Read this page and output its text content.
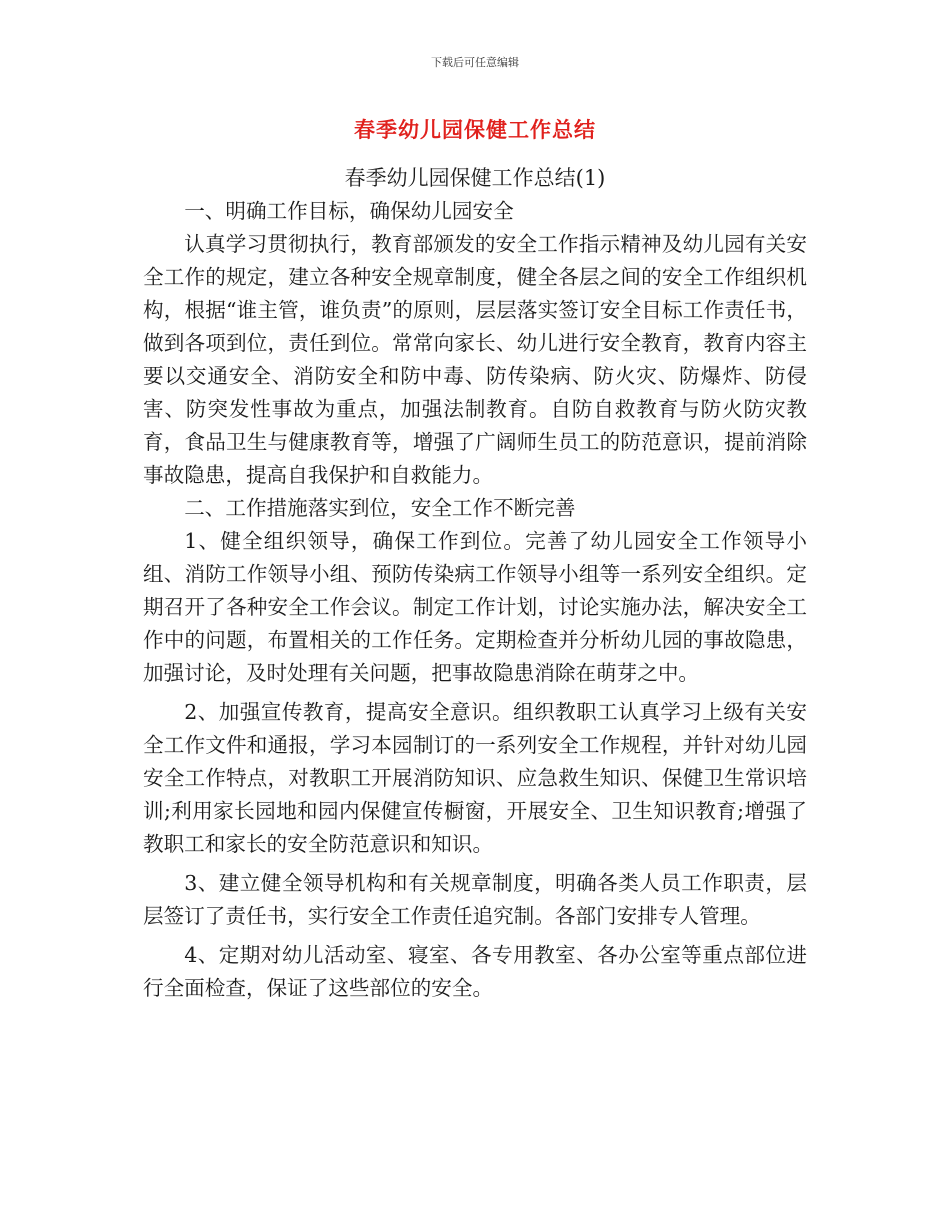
下载后可任意编辑
春季幼儿园保健工作总结
春季幼儿园保健工作总结(1)

一、明确工作目标，确保幼儿园安全

认真学习贯彻执行，教育部颁发的安全工作指示精神及幼儿园有关安全工作的规定，建立各种安全规章制度，健全各层之间的安全工作组织机构，根据“谁主管，谁负责”的原则，层层落实签订安全目标工作责任书，做到各项到位，责任到位。常常向家长、幼儿进行安全教育，教育内容主要以交通安全、消防安全和防中毒、防传染病、防火灾、防爆炸、防侵害、防突发性事故为重点，加强法制教育。自防自救教育与防火防灾教育，食品卫生与健康教育等，增强了广阔师生员工的防范意识，提前消除事故隐患，提高自我保护和自救能力。

二、工作措施落实到位，安全工作不断完善

1、健全组织领导，确保工作到位。完善了幼儿园安全工作领导小组、消防工作领导小组、预防传染病工作领导小组等一系列安全组织。定期召开了各种安全工作会议。制定工作计划，讨论实施办法，解决安全工作中的问题，布置相关的工作任务。定期检查并分析幼儿园的事故隐患，加强讨论，及时处理有关问题，把事故隐患消除在萌芽之中。

2、加强宣传教育，提高安全意识。组织教职工认真学习上级有关安全工作文件和通报，学习本园制订的一系列安全工作规程，并针对幼儿园安全工作特点，对教职工开展消防知识、应急救生知识、保健卫生常识培训;利用家长园地和园内保健宣传橱窗，开展安全、卫生知识教育;增强了教职工和家长的安全防范意识和知识。

3、建立健全领导机构和有关规章制度，明确各类人员工作职责，层层签订了责任书，实行安全工作责任追究制。各部门安排专人管理。

4、定期对幼儿活动室、寝室、各专用教室、各办公室等重点部位进行全面检查，保证了这些部位的安全。
